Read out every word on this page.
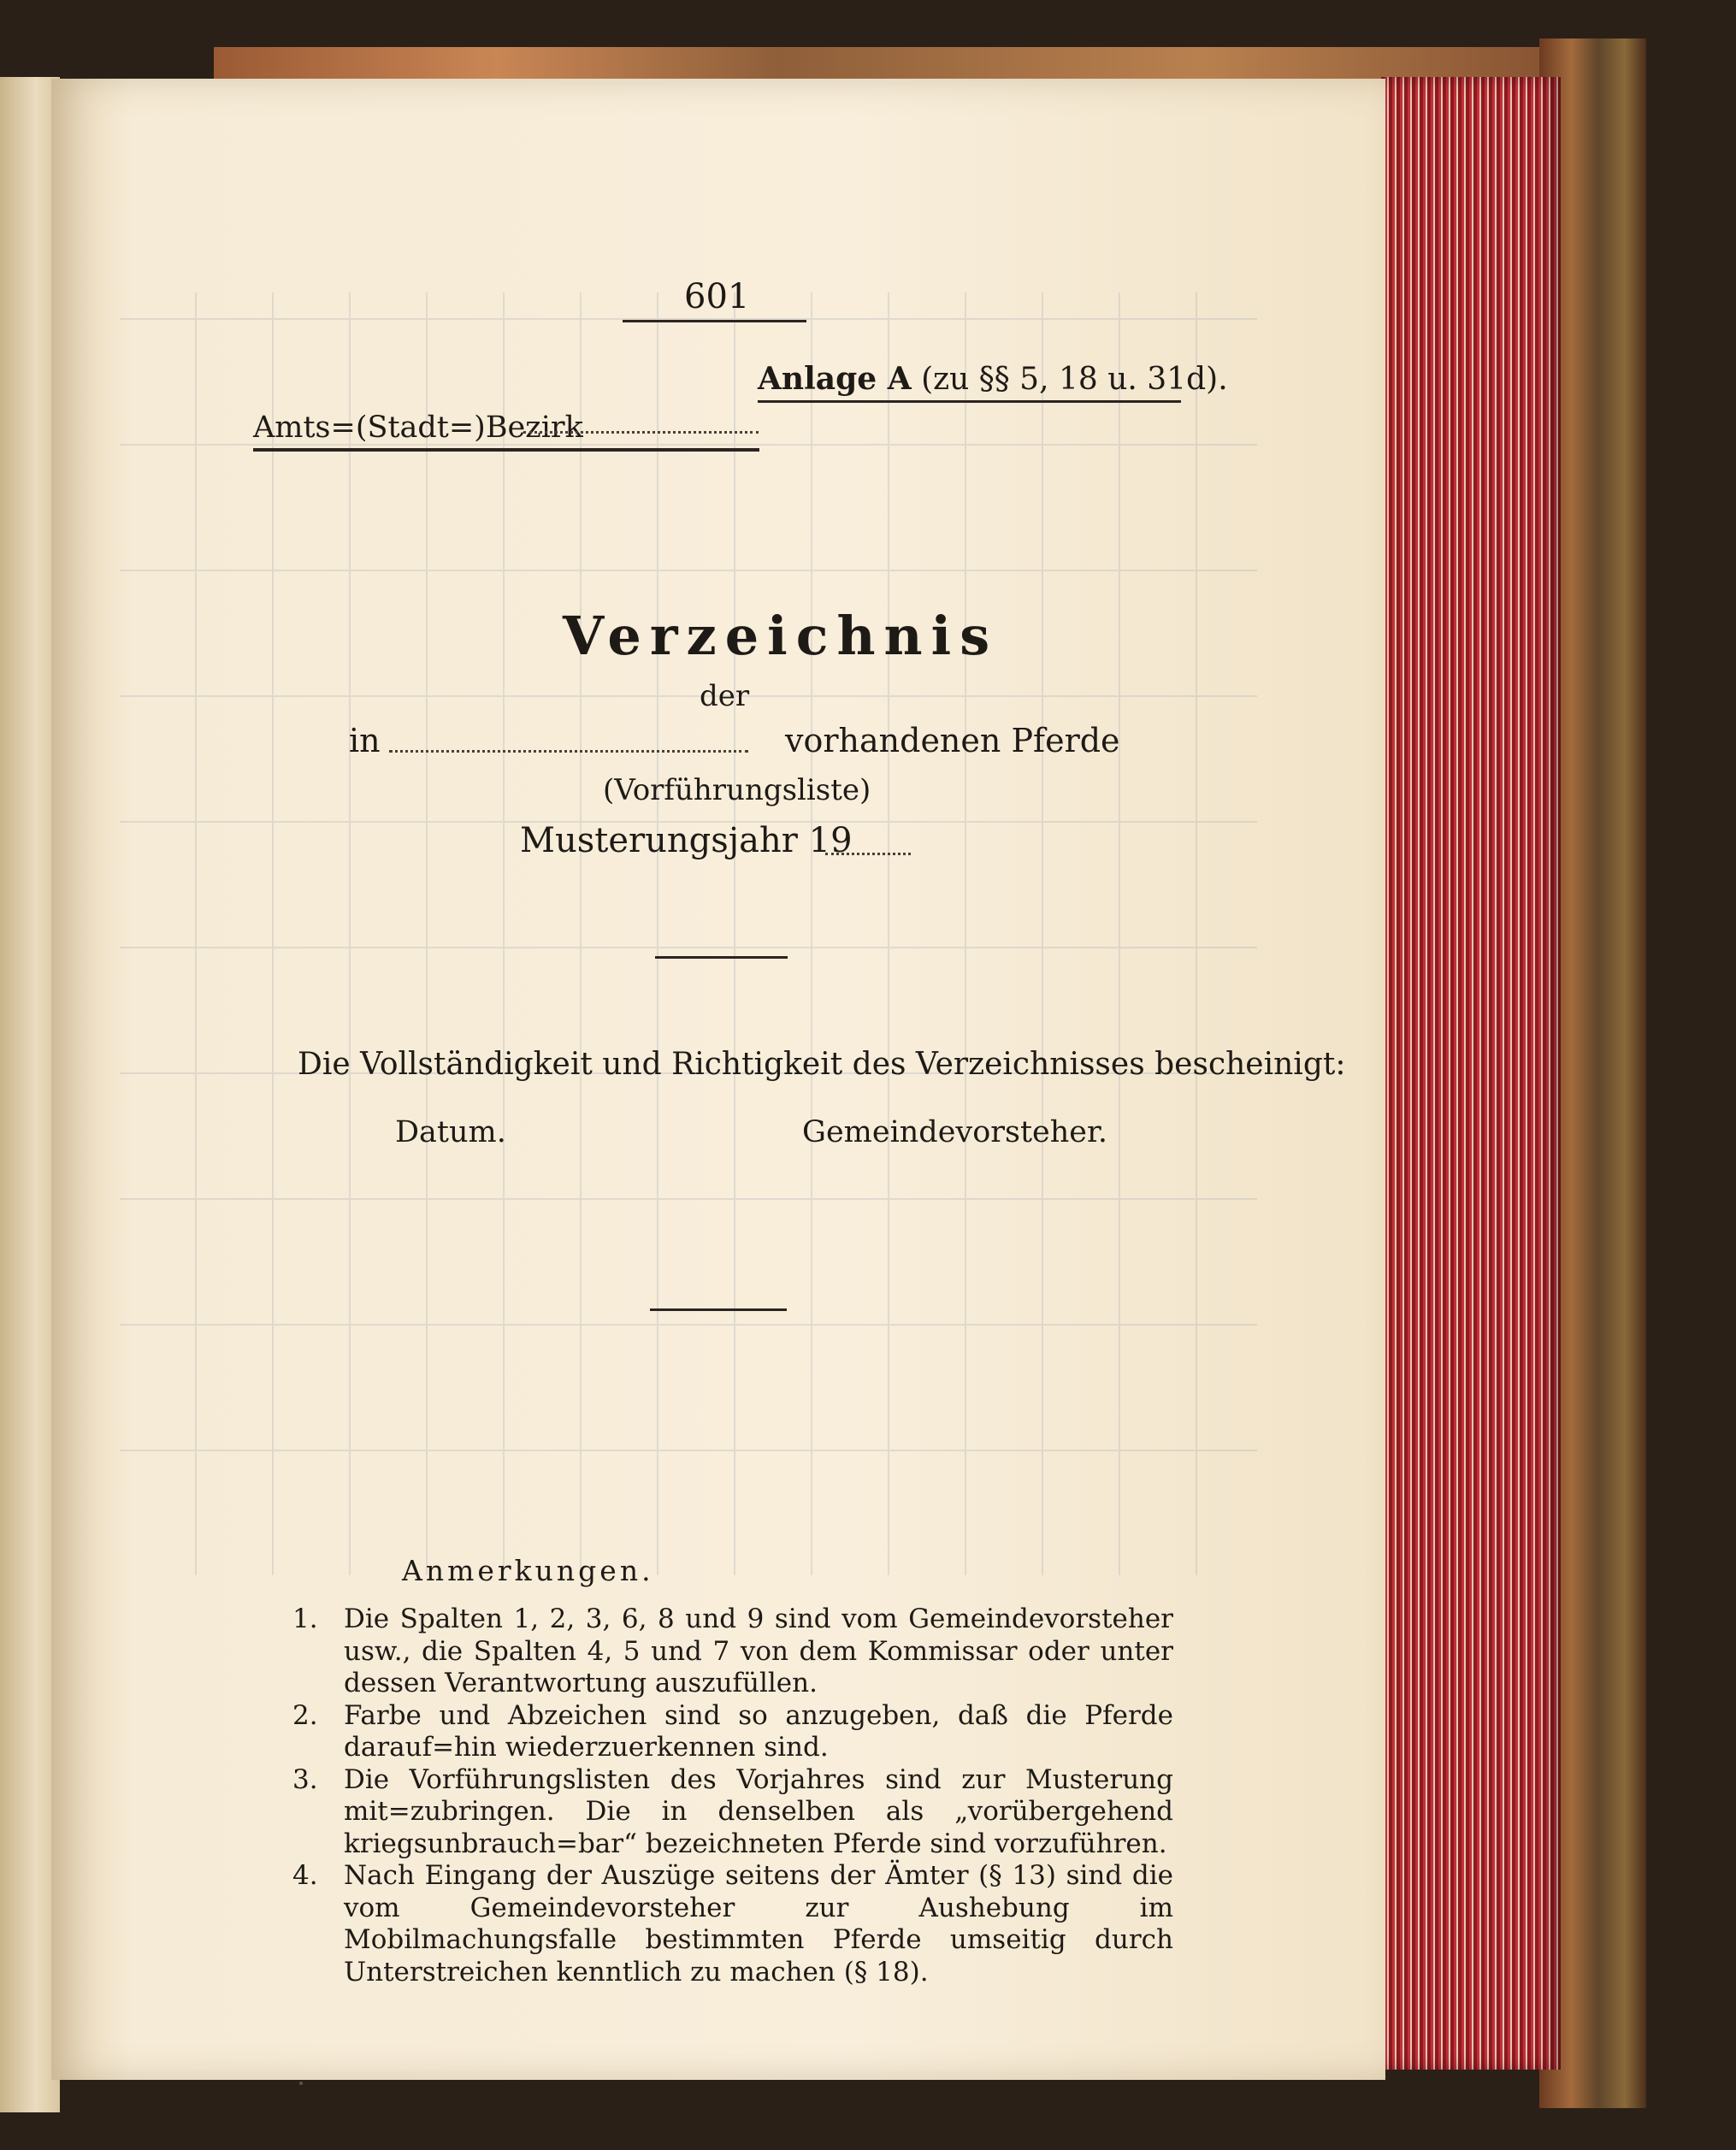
601
Anlage A (zu §§ 5, 18 u. 31d).
Amts=(Stadt=)Bezirk
Verzeichnis
der
in	vorhandenen Pferde
(Vorführungsliste)
Musterungsjahr 19
Die Vollständigkeit und Richtigkeit des Verzeichnisses bescheinigt:
Datum.	Gemeindevorsteher.
Anmerkungen.
1. Die Spalten 1, 2, 3, 6, 8 und 9 sind vom Gemeindevorsteher usw., die Spalten 4, 5 und 7 von dem Kommissar oder unter dessen Verantwortung auszufüllen.
2. Farbe und Abzeichen sind so anzugeben, daß die Pferde darauf=hin wiederzuerkennen sind.
3. Die Vorführungslisten des Vorjahres sind zur Musterung mit=zubringen. Die in denselben als „vorübergehend kriegsunbrauch=bar“ bezeichneten Pferde sind vorzuführen.
4. Nach Eingang der Auszüge seitens der Ämter (§ 13) sind die vom Gemeindevorsteher zur Aushebung im Mobilmachungsfalle bestimmten Pferde umseitig durch Unterstreichen kenntlich zu machen (§ 18).
